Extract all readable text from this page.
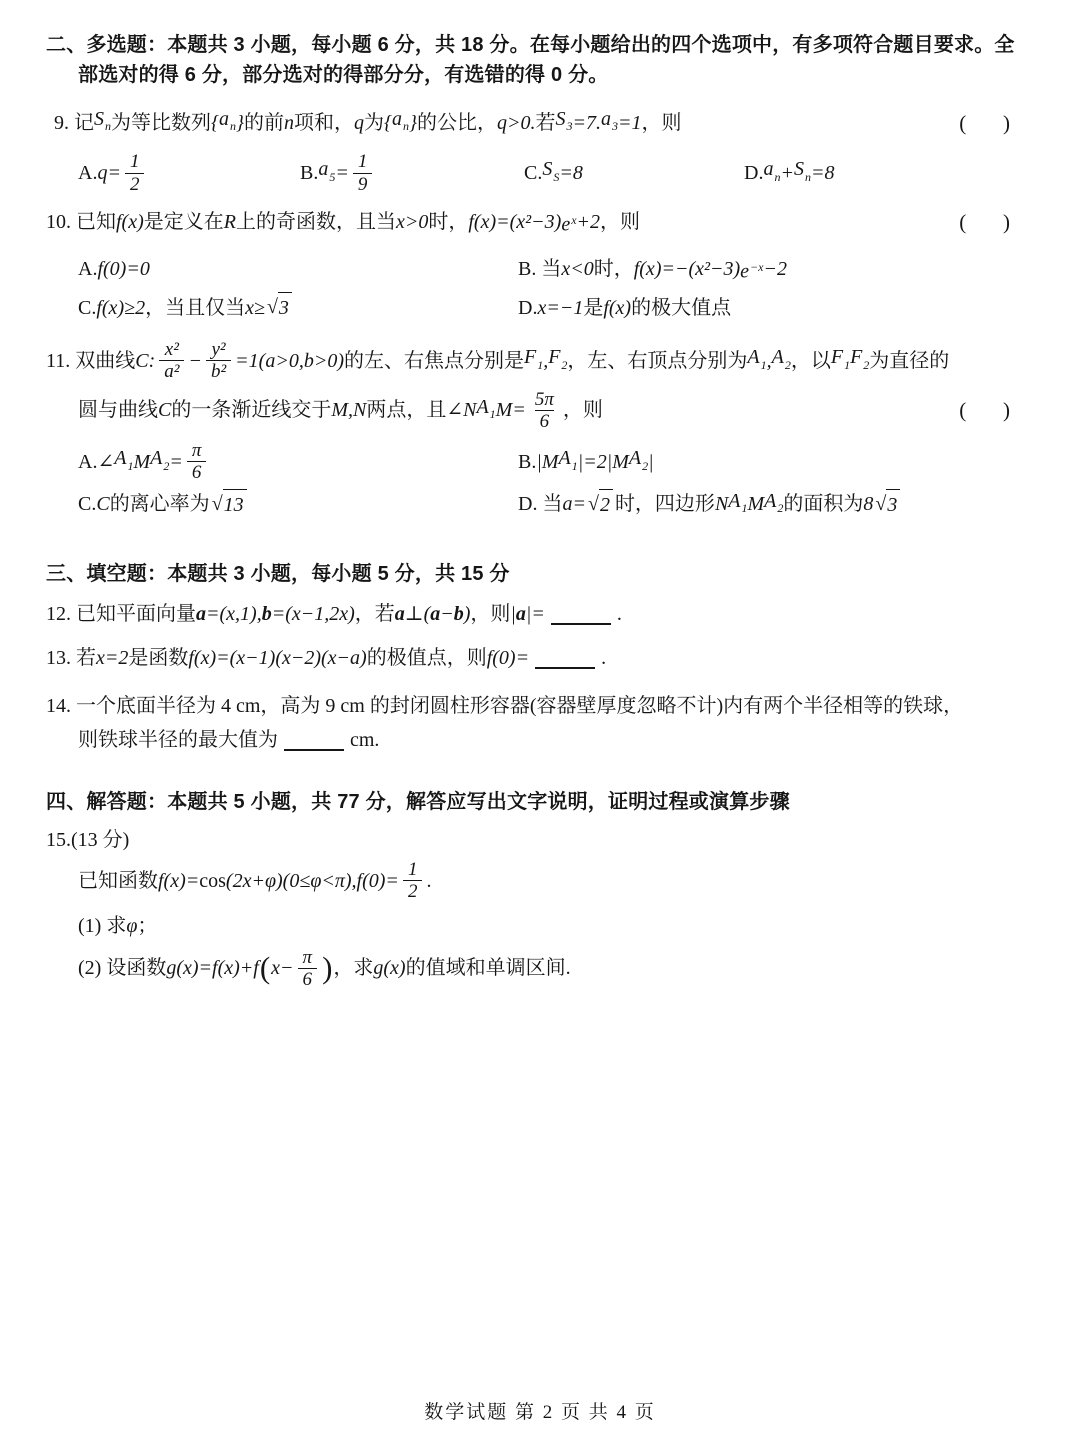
二、多选题：本题共 3 小题，每小题 6 分，共 18 分。在每小题给出的四个选项中，有多项符合题目要求。全
部选对的得 6 分，部分选对的得部分分，有选错的得 0 分。
9. 记 $S_n$ 为等比数列 { $a_n$ } 的前 n 项和， q 为 { $a_n$ } 的公比， q>0. 若 $S_3 =7$. $a_3 =1$ ，则	(       )
A. $q= \frac{1}{2}$	B. $a_5 = \frac{1}{9}$	C. $S_S =8$	D. $a_n + S_n =8$
10. 已知 f(x) 是定义在 R 上的奇函数，且当 x>0 时， f(x)=(x²−3) $e^x +2$ ，则	(       )
A. f(0)=0	B. 当 x<0 时， f(x)=−(x²−3) $e^{-x} -2$
C. f(x)≥2 ，当且仅当 x≥ √ 3	D. x=−1 是 f(x) 的极大值点
11. 双曲线 C: $\frac{\text{x²}}{\text{a²}} - \frac{\text{y²}}{\text{b²}} =1(a>0,b>0)$ 的左、右焦点分别是 $F_1$ , $F_2$ ，左、右顶点分别为 $A_1$ , $A_2$ ，以 $F_1$ $F_2$ 为直径的
圆与曲线 C 的一条渐近线交于 M,N 两点，且 ∠N $A_1$ $M= \frac{5\pi}{6}$ ，则	(       )
A. ∠ $A_1$ M $A_2 = \frac{\pi}{6}$	B. |M $A_1$ |=2|M $A_2$ |
C. C 的离心率为 √ 13	D. 当 a= √ 2 时，四边形 N $A_1$ M $A_2$ 的面积为 8 √ 3
三、填空题：本题共 3 小题，每小题 5 分，共 15 分
12. 已知平面向量 a =(x,1), b =(x−1,2x) ，若 a ⊥( a − b ) ，则 | a |=	.
13. 若 x=2 是函数 f(x)=(x−1)(x−2)(x−a) 的极值点，则 f(0)=	.
14. 一个底面半径为 4 cm，高为 9 cm 的封闭圆柱形容器(容器壁厚度忽略不计)内有两个半径相等的铁球，
则铁球半径的最大值为	cm.
四、解答题：本题共 5 小题，共 77 分，解答应写出文字说明，证明过程或演算步骤
15.(13 分)
已知函数 $f(x)= \cos (2x+\varphi)(0\le\varphi<\pi),f(0)= \frac{1}{2}$ .
(1) 求 φ ；
(2) 设函数 g(x)=f(x)+f ( $x- \frac{\pi}{6}$ ) ，求 g(x) 的值域和单调区间.
数学试题 第 2 页 共 4 页
